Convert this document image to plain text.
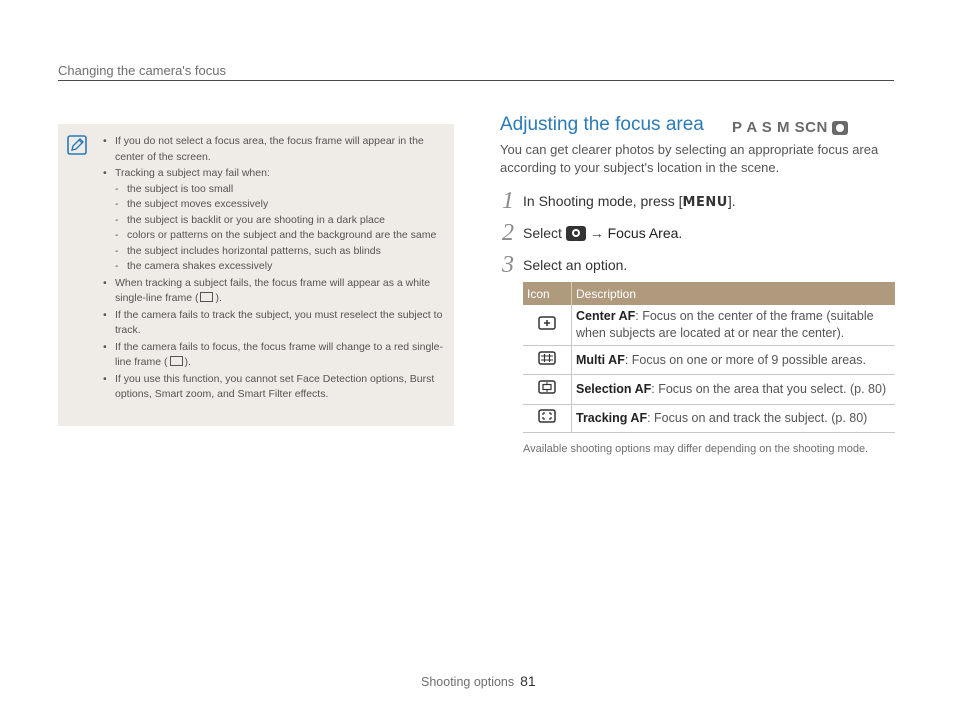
Changing the camera's focus
• If you do not select a focus area, the focus frame will appear in the center of the screen.
• Tracking a subject may fail when:
- the subject is too small
- the subject moves excessively
- the subject is backlit or you are shooting in a dark place
- colors or patterns on the subject and the background are the same
- the subject includes horizontal patterns, such as blinds
- the camera shakes excessively
• When tracking a subject fails, the focus frame will appear as a white single-line frame ( ).
• If the camera fails to track the subject, you must reselect the subject to track.
• If the camera fails to focus, the focus frame will change to a red single-line frame ( ).
• If you use this function, you cannot set Face Detection options, Burst options, Smart zoom, and Smart Filter effects.
Adjusting the focus area P A S M SCN
You can get clearer photos by selecting an appropriate focus area according to your subject's location in the scene.
1 In Shooting mode, press [MENU].
2 Select → Focus Area.
3 Select an option.
Icon	Description
	Center AF: Focus on the center of the frame (suitable when subjects are located at or near the center).
	Multi AF: Focus on one or more of 9 possible areas.
	Selection AF: Focus on the area that you select. (p. 80)
	Tracking AF: Focus on and track the subject. (p. 80)
Available shooting options may differ depending on the shooting mode.
Shooting options 81
